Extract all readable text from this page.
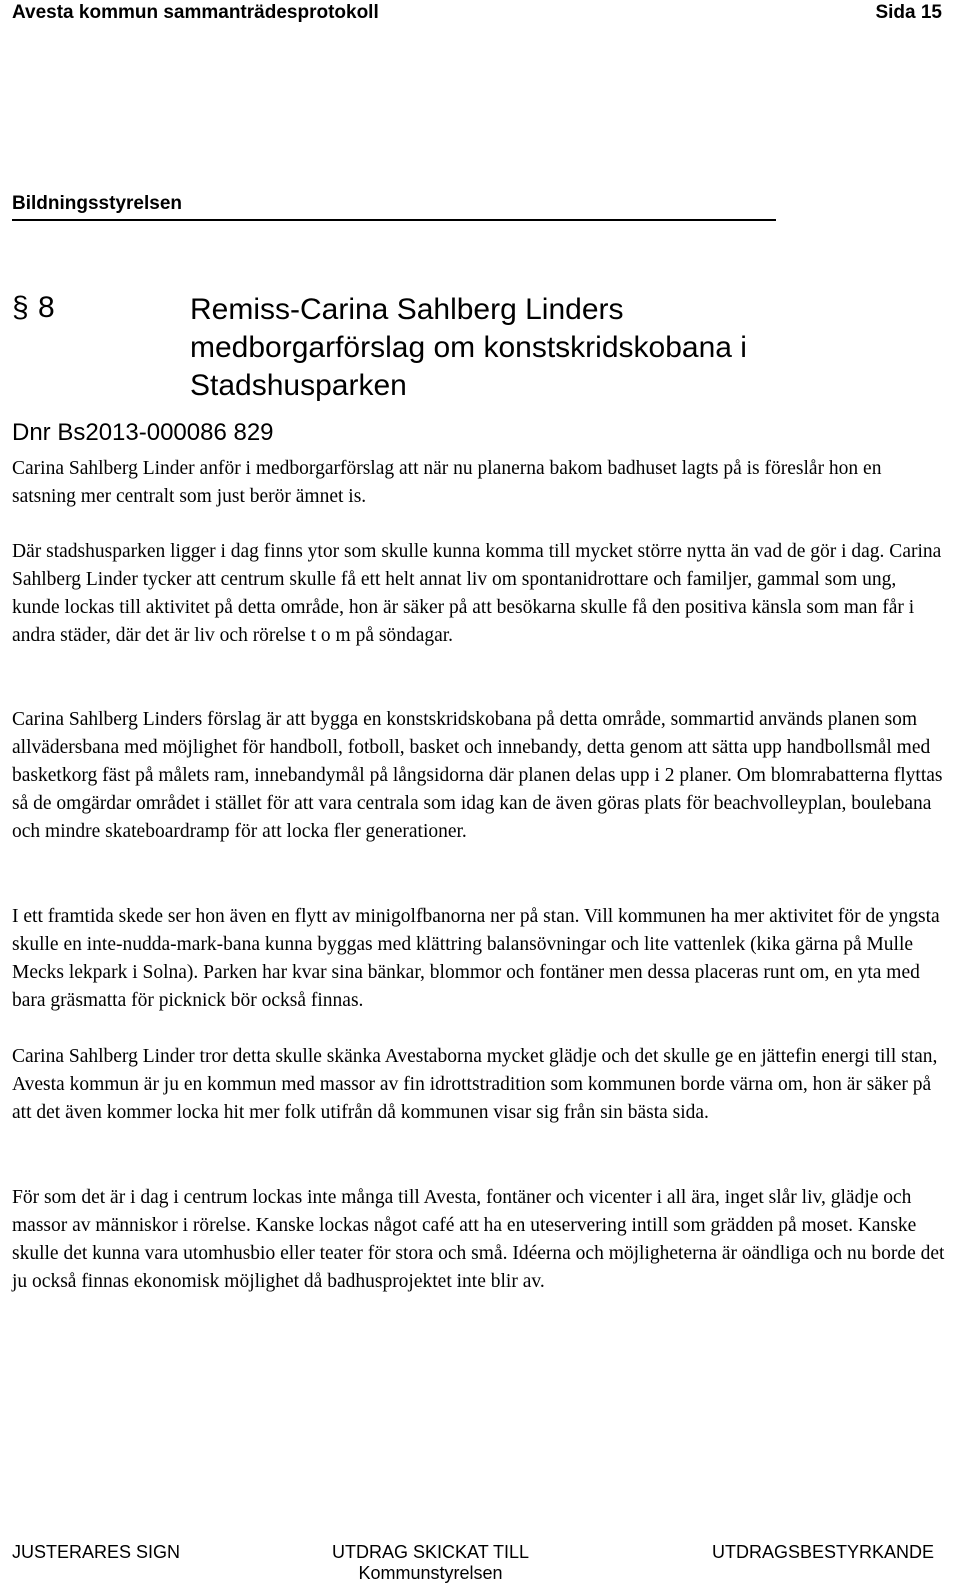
Avesta kommun sammanträdesprotokoll	Sida 15
Bildningsstyrelsen
§ 8	Remiss-Carina Sahlberg Linders
medborgarförslag om konstskridskobana i
Stadshusparken
Dnr Bs2013-000086 829

Carina Sahlberg Linder anför i medborgarförslag att när nu planerna bakom badhuset lagts på is föreslår hon en satsning mer centralt som just berör ämnet is.

Där stadshusparken ligger i dag finns ytor som skulle kunna komma till mycket större nytta än vad de gör i dag. Carina Sahlberg Linder tycker att centrum skulle få ett helt annat liv om spontanidrottare och familjer, gammal som ung, kunde lockas till aktivitet på detta område, hon är säker på att besökarna skulle få den positiva känsla som man får i andra städer, där det är liv och rörelse t o m på söndagar.

Carina Sahlberg Linders förslag är att bygga en konstskridskobana på detta område, sommartid används planen som allvädersbana med möjlighet för handboll, fotboll, basket och innebandy, detta genom att sätta upp handbollsmål med basketkorg fäst på målets ram, innebandymål på långsidorna där planen delas upp i 2 planer. Om blomrabatterna flyttas så de omgärdar området i stället för att vara centrala som idag kan de även göras plats för beachvolleyplan, boulebana och mindre skateboardramp för att locka fler generationer.

I ett framtida skede ser hon även en flytt av minigolfbanorna ner på stan. Vill kommunen ha mer aktivitet för de yngsta skulle en inte-nudda-mark-bana kunna byggas med klättring balansövningar och lite vattenlek (kika gärna på Mulle Mecks lekpark i Solna). Parken har kvar sina bänkar, blommor och fontäner men dessa placeras runt om, en yta med bara gräsmatta för picknick bör också finnas.

Carina Sahlberg Linder tror detta skulle skänka Avestaborna mycket glädje och det skulle ge en jättefin energi till stan, Avesta kommun är ju en kommun med massor av fin idrottstradition som kommunen borde värna om, hon är säker på att det även kommer locka hit mer folk utifrån då kommunen visar sig från sin bästa sida.

För som det är i dag i centrum lockas inte många till Avesta, fontäner och vicenter i all ära, inget slår liv, glädje och massor av människor i rörelse. Kanske lockas något café att ha en uteservering intill som grädden på moset. Kanske skulle det kunna vara utomhusbio eller teater för stora och små. Idéerna och möjligheterna är oändliga och nu borde det ju också finnas ekonomisk möjlighet då badhusprojektet inte blir av.

JUSTERARES SIGN	UTDRAG SKICKAT TILL
Kommunstyrelsen
UTDRAGSBESTYRKANDE
